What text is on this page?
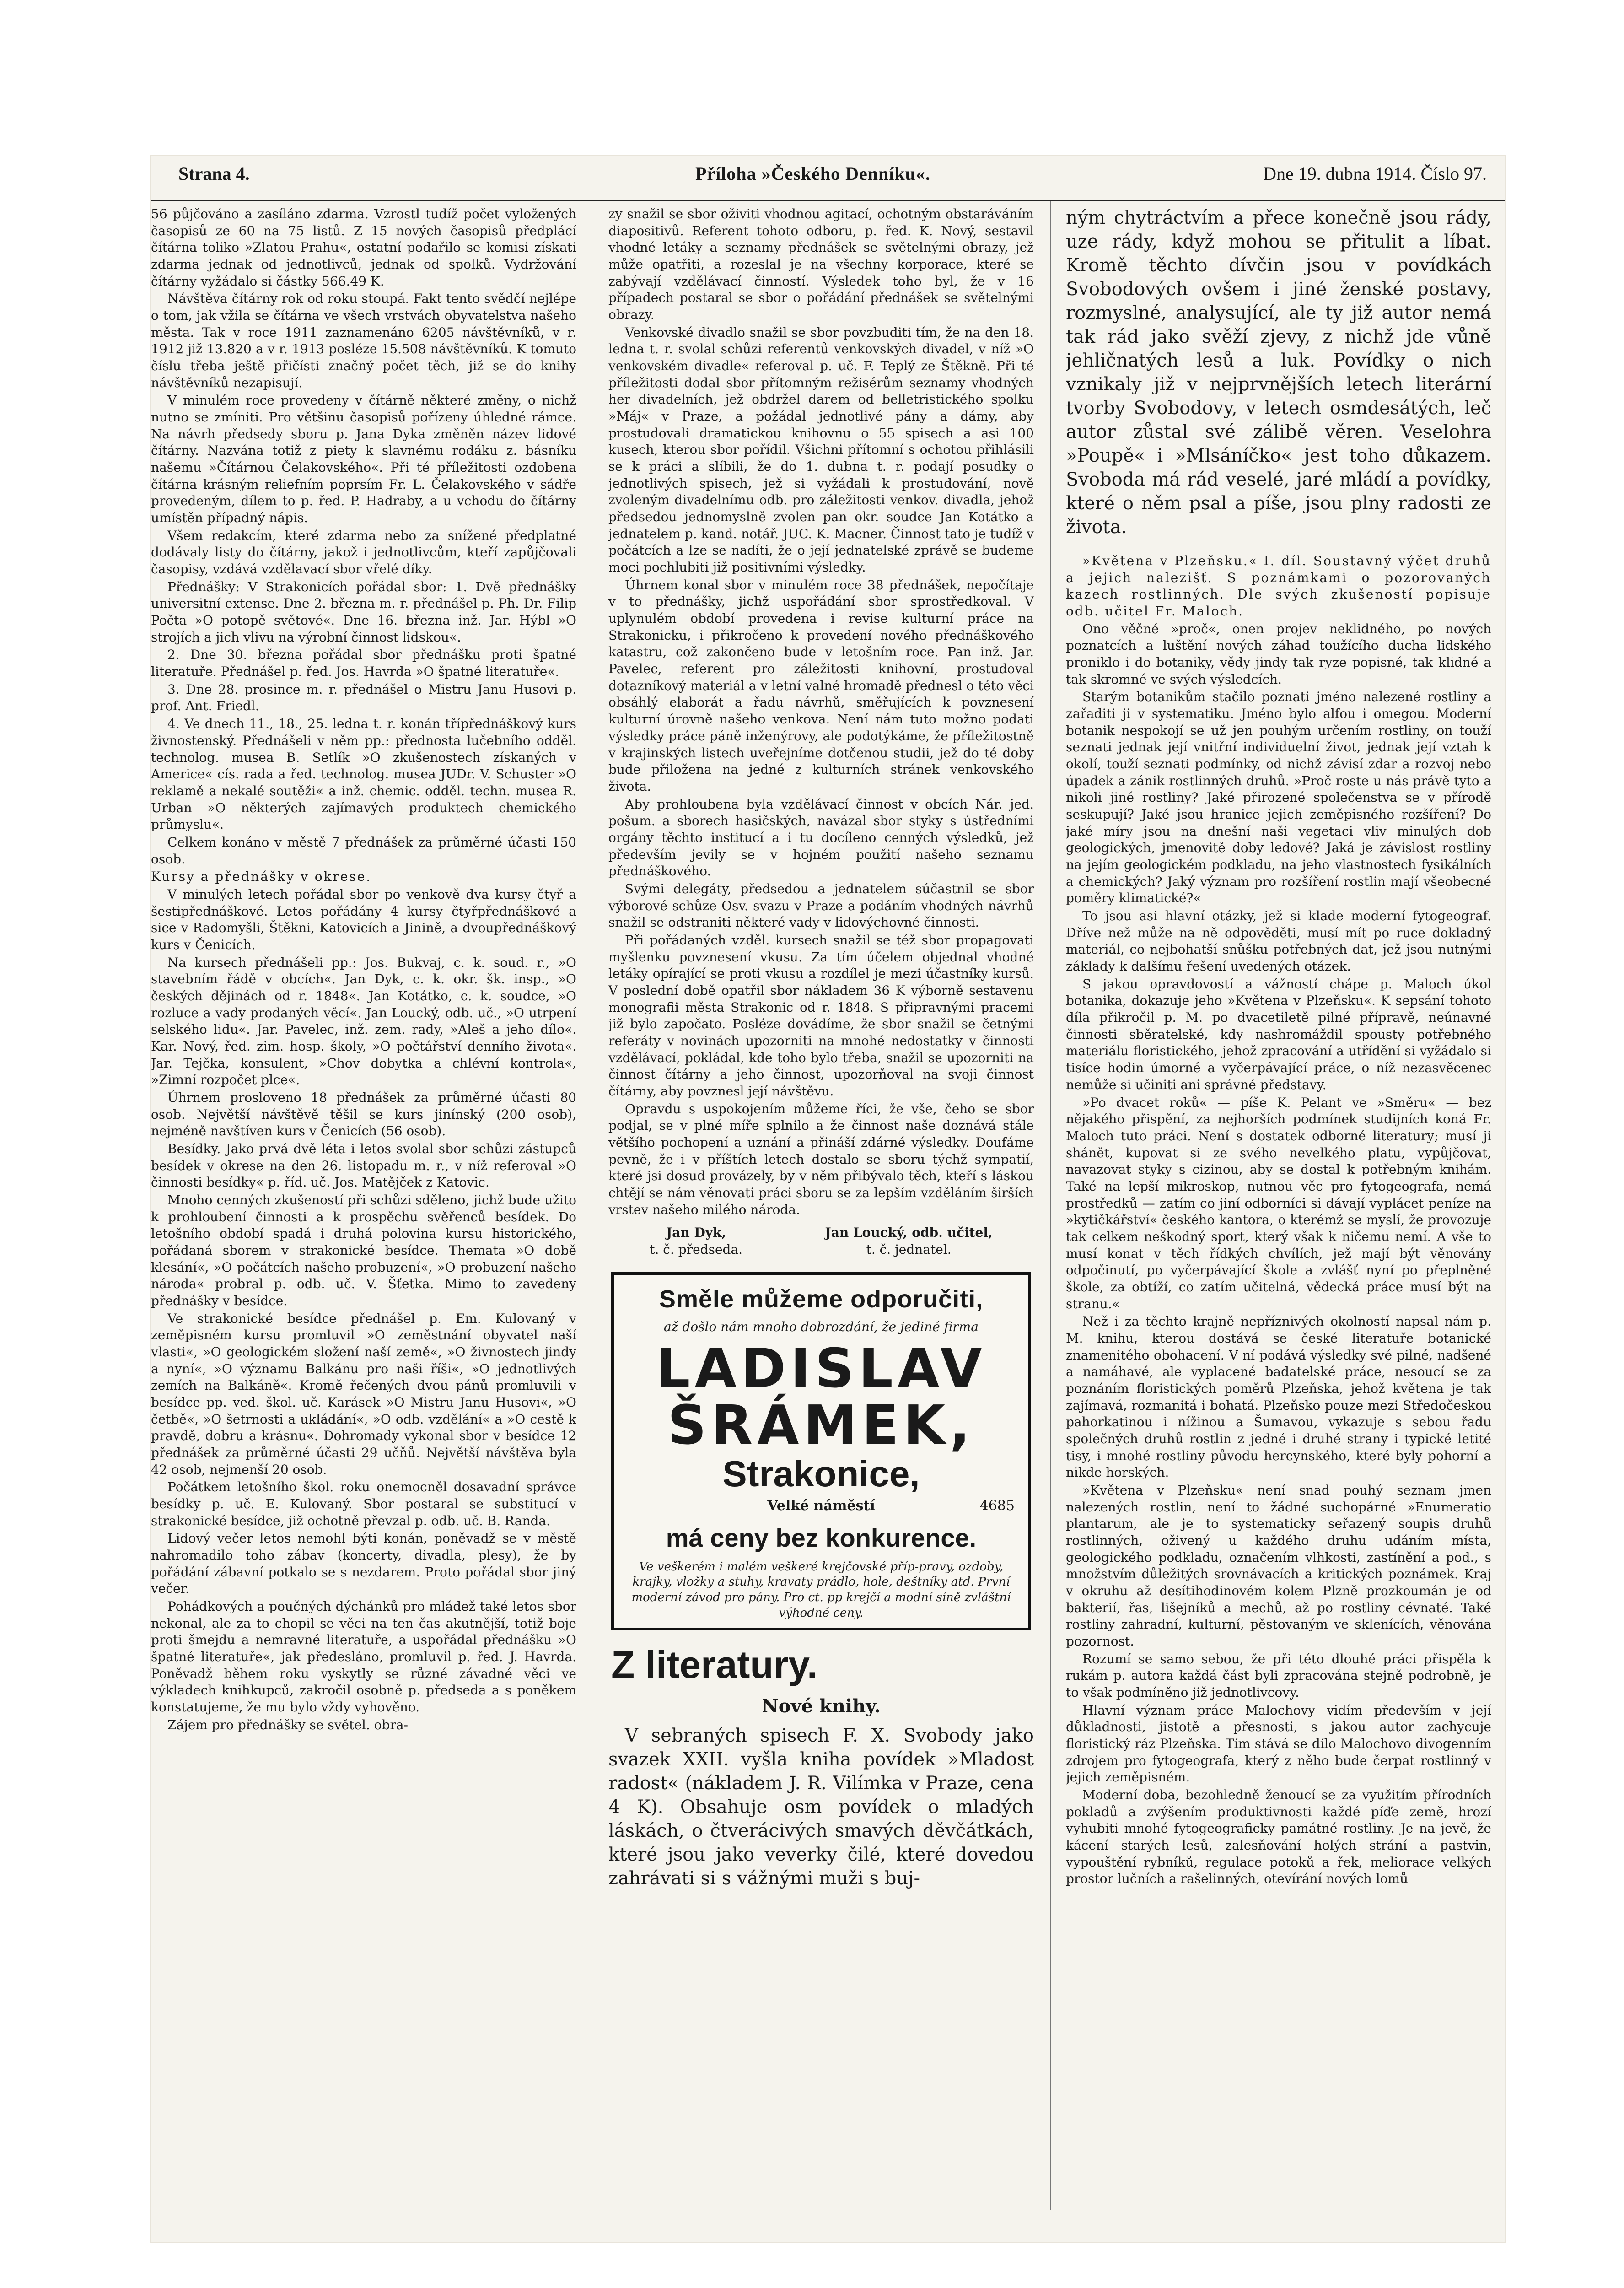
Strana 4.	Příloha »Českého Denníku«.	Dne 19. dubna 1914. Číslo 97.

56 půjčováno a zasíláno zdarma. Vzrostl tudíž počet vyložených časopisů ze 60 na 75 listů. Z 15 nových časopisů předplácí čítárna toliko »Zlatou Prahu«, ostatní podařilo se komisi získati zdarma jednak od jednotlivců, jednak od spolků. Vydržování čítárny vyžádalo si částky 566.49 K.

Návštěva čítárny rok od roku stoupá. Fakt tento svědčí nejlépe o tom, jak vžila se čítárna ve všech vrstvách obyvatelstva našeho města. Tak v roce 1911 zaznamenáno 6205 návštěvníků, v r. 1912 již 13.820 a v r. 1913 posléze 15.508 návštěvníků. K tomuto číslu třeba ještě přičísti značný počet těch, již se do knihy návštěvníků nezapisují.

V minulém roce provedeny v čítárně některé změny, o nichž nutno se zmíniti. Pro většinu časopisů pořízeny úhledné rámce. Na návrh předsedy sboru p. Jana Dyka změněn název lidové čítárny. Nazvána totiž z piety k slavnému rodáku z. básníku našemu »Čítárnou Čelakovského«. Při té příležitosti ozdobena čítárna krásným reliefním poprsím Fr. L. Čelakovského v sádře provedeným, dílem to p. řed. P. Hadraby, a u vchodu do čítárny umístěn případný nápis.

Všem redakcím, které zdarma nebo za snížené předplatné dodávaly listy do čítárny, jakož i jednotlivcům, kteří zapůjčovali časopisy, vzdává vzdělavací sbor vřelé díky.

Přednášky: V Strakonicích pořádal sbor: 1. Dvě přednášky universitní extense. Dne 2. března m. r. přednášel p. Ph. Dr. Filip Počta »O potopě světové«. Dne 16. března inž. Jar. Hýbl »O strojích a jich vlivu na výrobní činnost lidskou«.

2. Dne 30. března pořádal sbor přednášku proti špatné literatuře. Přednášel p. řed. Jos. Havrda »O špatné literatuře«.

3. Dne 28. prosince m. r. přednášel o Mistru Janu Husovi p. prof. Ant. Friedl.

4. Ve dnech 11., 18., 25. ledna t. r. konán třípřednáškový kurs živnostenský. Přednášeli v něm pp.: přednosta lučebního odděl. technolog. musea B. Setlík »O zkušenostech získaných v Americe« cís. rada a řed. technolog. musea JUDr. V. Schuster »O reklamě a nekalé soutěži« a inž. chemic. odděl. techn. musea R. Urban »O některých zajímavých produktech chemického průmyslu«.

Celkem konáno v městě 7 přednášek za průměrné účasti 150 osob.

Kursy a přednášky v okrese.

V minulých letech pořádal sbor po venkově dva kursy čtyř a šestipřednáškové. Letos pořádány 4 kursy čtyřpřednáškové a sice v Radomyšli, Štěkni, Katovicích a Jinině, a dvoupřednáškový kurs v Čenicích.

Na kursech přednášeli pp.: Jos. Bukvaj, c. k. soud. r., »O stavebním řádě v obcích«. Jan Dyk, c. k. okr. šk. insp., »O českých dějinách od r. 1848«. Jan Kotátko, c. k. soudce, »O rozluce a vady prodaných věcí«. Jan Loucký, odb. uč., »O utrpení selského lidu«. Jar. Pavelec, inž. zem. rady, »Aleš a jeho dílo«. Kar. Nový, řed. zim. hosp. školy, »O počtářství denního života«. Jar. Tejčka, konsulent, »Chov dobytka a chlévní kontrola«, »Zimní rozpočet plce«.

Úhrnem prosloveno 18 přednášek za průměrné účasti 80 osob. Největší návštěvě těšil se kurs jinínský (200 osob), nejméně navštíven kurs v Čenicích (56 osob).

Besídky. Jako prvá dvě léta i letos svolal sbor schůzi zástupců besídek v okrese na den 26. listopadu m. r., v níž referoval »O činnosti besídky« p. říd. uč. Jos. Matějček z Katovic.

Mnoho cenných zkušeností při schůzi sděleno, jichž bude užito k prohloubení činnosti a k prospěchu svěřenců besídek. Do letošního období spadá i druhá polovina kursu historického, pořádaná sborem v strakonické besídce. Themata »O době klesání«, »O počátcích našeho probuzení«, »O probuzení našeho národa« probral p. odb. uč. V. Šťetka. Mimo to zavedeny přednášky v besídce.

Ve strakonické besídce přednášel p. Em. Kulovaný v zeměpisném kursu promluvil »O zeměstnání obyvatel naší vlasti«, »O geologickém složení naší země«, »O živnostech jindy a nyní«, »O významu Balkánu pro naši říši«, »O jednotlivých zemích na Balkáně«. Kromě řečených dvou pánů promluvili v besídce pp. ved. škol. uč. Karásek »O Mistru Janu Husovi«, »O četbě«, »O šetrnosti a ukládání«, »O odb. vzdělání« a »O cestě k pravdě, dobru a krásnu«. Dohromady vykonal sbor v besídce 12 přednášek za průměrné účasti 29 učňů. Největší návštěva byla 42 osob, nejmenší 20 osob.

Počátkem letošního škol. roku onemocněl dosavadní správce besídky p. uč. E. Kulovaný. Sbor postaral se substitucí v strakonické besídce, již ochotně převzal p. odb. uč. B. Randa.

Lidový večer letos nemohl býti konán, poněvadž se v městě nahromadilo toho zábav (koncerty, divadla, plesy), že by pořádání zábavní potkalo se s nezdarem. Proto pořádal sbor jiný večer.

Pohádkových a poučných dýchánků pro mládež také letos sbor nekonal, ale za to chopil se věci na ten čas akutnější, totiž boje proti šmejdu a nemravné literatuře, a uspořádal přednášku »O špatné literatuře«, jak předesláno, promluvil p. řed. J. Havrda. Poněvadž během roku vyskytly se různé závadné věci ve výkladech knihkupců, zakročil osobně p. předseda a s poněkem konstatujeme, že mu bylo vždy vyhověno.

Zájem pro přednášky se světel. obra-

zy snažil se sbor oživiti vhodnou agitací, ochotným obstaráváním diapositivů. Referent tohoto odboru, p. řed. K. Nový, sestavil vhodné letáky a seznamy přednášek se světelnými obrazy, jež může opatřiti, a rozeslal je na všechny korporace, které se zabývají vzdělávací činností. Výsledek toho byl, že v 16 případech postaral se sbor o pořádání přednášek se světelnými obrazy.

Venkovské divadlo snažil se sbor povzbuditi tím, že na den 18. ledna t. r. svolal schůzi referentů venkovských divadel, v níž »O venkovském divadle« referoval p. uč. F. Teplý ze Štěkně. Při té příležitosti dodal sbor přítomným režisérům seznamy vhodných her divadelních, jež obdržel darem od belletristického spolku »Máj« v Praze, a požádal jednotlivé pány a dámy, aby prostudovali dramatickou knihovnu o 55 spisech a asi 100 kusech, kterou sbor pořídil. Všichni přítomní s ochotou přihlásili se k práci a slíbili, že do 1. dubna t. r. podají posudky o jednotlivých spisech, jež si vyžádali k prostudování, nově zvoleným divadelnímu odb. pro záležitosti venkov. divadla, jehož předsedou jednomyslně zvolen pan okr. soudce Jan Kotátko a jednatelem p. kand. notář. JUC. K. Macner. Činnost tato je tudíž v počátcích a lze se nadíti, že o její jednatelské zprávě se budeme moci pochlubiti již positivními výsledky.

Úhrnem konal sbor v minulém roce 38 přednášek, nepočítaje v to přednášky, jichž uspořádání sbor sprostředkoval. V uplynulém období provedena i revise kulturní práce na Strakonicku, i přikročeno k provedení nového přednáškového katastru, což zakončeno bude v letošním roce. Pan inž. Jar. Pavelec, referent pro záležitosti knihovní, prostudoval dotazníkový materiál a v letní valné hromadě přednesl o této věci obsáhlý elaborát a řadu návrhů, směřujících k povznesení kulturní úrovně našeho venkova. Není nám tuto možno podati výsledky práce páně inženýrovy, ale podotýkáme, že příležitostně v krajinských listech uveřejníme dotčenou studii, jež do té doby bude přiložena na jedné z kulturních stránek venkovského života.

Aby prohloubena byla vzdělávací činnost v obcích Nár. jed. pošum. a sborech hasičských, navázal sbor styky s ústředními orgány těchto institucí a i tu docíleno cenných výsledků, jež především jevily se v hojném použití našeho seznamu přednáškového.

Svými delegáty, předsedou a jednatelem súčastnil se sbor výborové schůze Osv. svazu v Praze a podáním vhodných návrhů snažil se odstraniti některé vady v lidovýchovné činnosti.

Při pořádaných vzděl. kursech snažil se též sbor propagovati myšlenku povznesení vkusu. Za tím účelem objednal vhodné letáky opírající se proti vkusu a rozdílel je mezi účastníky kursů. V poslední době opatřil sbor nákladem 36 K výborně sestavenu monografii města Strakonic od r. 1848. S připravnými pracemi již bylo započato. Posléze dovádíme, že sbor snažil se četnými referáty v novinách upozorniti na mnohé nedostatky v činnosti vzdělávací, pokládal, kde toho bylo třeba, snažil se upozorniti na činnost čítárny a jeho činnost, upozorňoval na svoji činnost čítárny, aby povznesl její návštěvu.

Opravdu s uspokojením můžeme říci, že vše, čeho se sbor podjal, se v plné míře splnilo a že činnost naše doznává stále většího pochopení a uznání a přináší zdárné výsledky. Doufáme pevně, že i v příštích letech dostalo se sboru týchž sympatií, které jsi dosud provázely, by v něm přibývalo těch, kteří s láskou chtějí se nám věnovati práci sboru se za lepším vzděláním širších vrstev našeho milého národa.

Jan Dyk,
t. č. předseda.
Jan Loucký, odb. učitel,
t. č. jednatel.
Směle můžeme odporučiti,
až došlo nám mnoho dobrozdání, že jediné firma
LADISLAV ŠRÁMEK,
Strakonice,
Velké náměstí	4685
má ceny bez konkurence.
Ve veškerém i malém veškeré krejčovské příp-pravy, ozdoby, krajky, vložky a stuhy, kravaty prádlo, hole, deštníky atd. První moderní závod pro pány. Pro ct. pp krejčí a modní síně zvláštní výhodné ceny.
Z literatury.
Nové knihy.

V sebraných spisech F. X. Svobody jako svazek XXII. vyšla kniha povídek »Mladost radost« (nákladem J. R. Vilímka v Praze, cena 4 K). Obsahuje osm povídek o mladých láskách, o čtverácivých smavých děvčátkách, které jsou jako veverky čilé, které dovedou zahrávati si s vážnými muži s buj-

ným chytráctvím a přece konečně jsou rády, uze rády, když mohou se přitulit a líbat. Kromě těchto dívčin jsou v povídkách Svobodových ovšem i jiné ženské postavy, rozmyslné, analysující, ale ty již autor nemá tak rád jako svěží zjevy, z nichž jde vůně jehličnatých lesů a luk. Povídky o nich vznikaly již v nejprvnějších letech literární tvorby Svobodovy, v letech osmdesátých, leč autor zůstal své zálibě věren. Veselohra »Poupě« i »Mlsáníčko« jest toho důkazem. Svoboda má rád veselé, jaré mládí a povídky, které o něm psal a píše, jsou plny radosti ze života.

»Květena v Plzeňsku.« I. díl. Soustavný výčet druhů a jejich nalezišť. S poznámkami o pozorovaných kazech rostlinných. Dle svých zkušeností popisuje odb. učitel Fr. Maloch.

Ono věčné »proč«, onen projev neklidného, po nových poznatcích a luštění nových záhad toužícího ducha lidského proniklo i do botaniky, vědy jindy tak ryze popisné, tak klidné a tak skromné ve svých výsledcích.

Starým botanikům stačilo poznati jméno nalezené rostliny a zařaditi ji v systematiku. Jméno bylo alfou i omegou. Moderní botanik nespokojí se už jen pouhým určením rostliny, on touží seznati jednak její vnitřní individuelní život, jednak její vztah k okolí, touží seznati podmínky, od nichž závisí zdar a rozvoj nebo úpadek a zánik rostlinných druhů. »Proč roste u nás právě tyto a nikoli jiné rostliny? Jaké přirozené společenstva se v přírodě seskupují? Jaké jsou hranice jejich zeměpisného rozšíření? Do jaké míry jsou na dnešní naši vegetaci vliv minulých dob geologických, jmenovitě doby ledové? Jaká je závislost rostliny na jejím geologickém podkladu, na jeho vlastnostech fysikálních a chemických? Jaký význam pro rozšíření rostlin mají všeobecné poměry klimatické?«

To jsou asi hlavní otázky, jež si klade moderní fytogeograf. Dříve než může na ně odpověděti, musí mít po ruce dokladný materiál, co nejbohatší snůšku potřebných dat, jež jsou nutnými základy k dalšímu řešení uvedených otázek.

S jakou opravdovostí a vážností chápe p. Maloch úkol botanika, dokazuje jeho »Květena v Plzeňsku«. K sepsání tohoto díla přikročil p. M. po dvacetiletě pilné přípravě, neúnavné činnosti sběratelské, kdy nashromáždil spousty potřebného materiálu floristického, jehož zpracování a utřídění si vyžádalo si tisíce hodin úmorné a vyčerpávající práce, o níž nezasvěcenec nemůže si učiniti ani správné představy.

»Po dvacet roků« — píše K. Pelant ve »Směru« — bez nějakého přispění, za nejhorších podmínek studijních koná Fr. Maloch tuto práci. Není s dostatek odborné literatury; musí ji shánět, kupovat si ze svého nevelkého platu, vypůjčovat, navazovat styky s cizinou, aby se dostal k potřebným knihám. Také na lepší mikroskop, nutnou věc pro fytogeografa, nemá prostředků — zatím co jiní odborníci si dávají vyplácet peníze na »kytičkářství« českého kantora, o kterémž se myslí, že provozuje tak celkem neškodný sport, který však k ničemu nemí. A vše to musí konat v těch řídkých chvílích, jež mají být věnovány odpočinutí, po vyčerpávající škole a zvlášť nyní po přeplněné škole, za obtíží, co zatím učitelná, vědecká práce musí být na stranu.«

Než i za těchto krajně nepříznivých okolností napsal nám p. M. knihu, kterou dostává se české literatuře botanické znamenitého obohacení. V ní podává výsledky své pilné, nadšené a namáhavé, ale vyplacené badatelské práce, nesoucí se za poznáním floristických poměrů Plzeňska, jehož květena je tak zajímavá, rozmanitá i bohatá. Plzeňsko pouze mezi Středočeskou pahorkatinou i nížinou a Šumavou, vykazuje s sebou řadu společných druhů rostlin z jedné i druhé strany i typické letité tisy, i mnohé rostliny původu hercynského, které byly pohorní a nikde horských.

»Květena v Plzeňsku« není snad pouhý seznam jmen nalezených rostlin, není to žádné suchopárné »Enumeratio plantarum, ale je to systematicky seřazený soupis druhů rostlinných, oživený u každého druhu udáním místa, geologického podkladu, označením vlhkosti, zastínění a pod., s množstvím důležitých srovnávacích a kritických poznámek. Kraj v okruhu až desítihodinovém kolem Plzně prozkoumán je od bakterií, řas, lišejníků a mechů, až po rostliny cévnaté. Také rostliny zahradní, kulturní, pěstovaným ve sklenících, věnována pozornost.

Rozumí se samo sebou, že při této dlouhé práci přispěla k rukám p. autora každá část byli zpracována stejně podrobně, je to však podmíněno již jednotlivcovy.

Hlavní význam práce Malochovy vidím především v její důkladnosti, jistotě a přesnosti, s jakou autor zachycuje floristický ráz Plzeňska. Tím stává se dílo Malochovo divogenním zdrojem pro fytogeografa, který z něho bude čerpat rostlinný v jejich zeměpisném.

Moderní doba, bezohledně ženoucí se za využitím přírodních pokladů a zvýšením produktivnosti každé píďe země, hrozí vyhubiti mnohé fytogeograficky památné rostliny. Je na jevě, že kácení starých lesů, zalesňování holých strání a pastvin, vypouštění rybníků, regulace potoků a řek, meliorace velkých prostor lučních a rašelinných, otevírání nových lomů
